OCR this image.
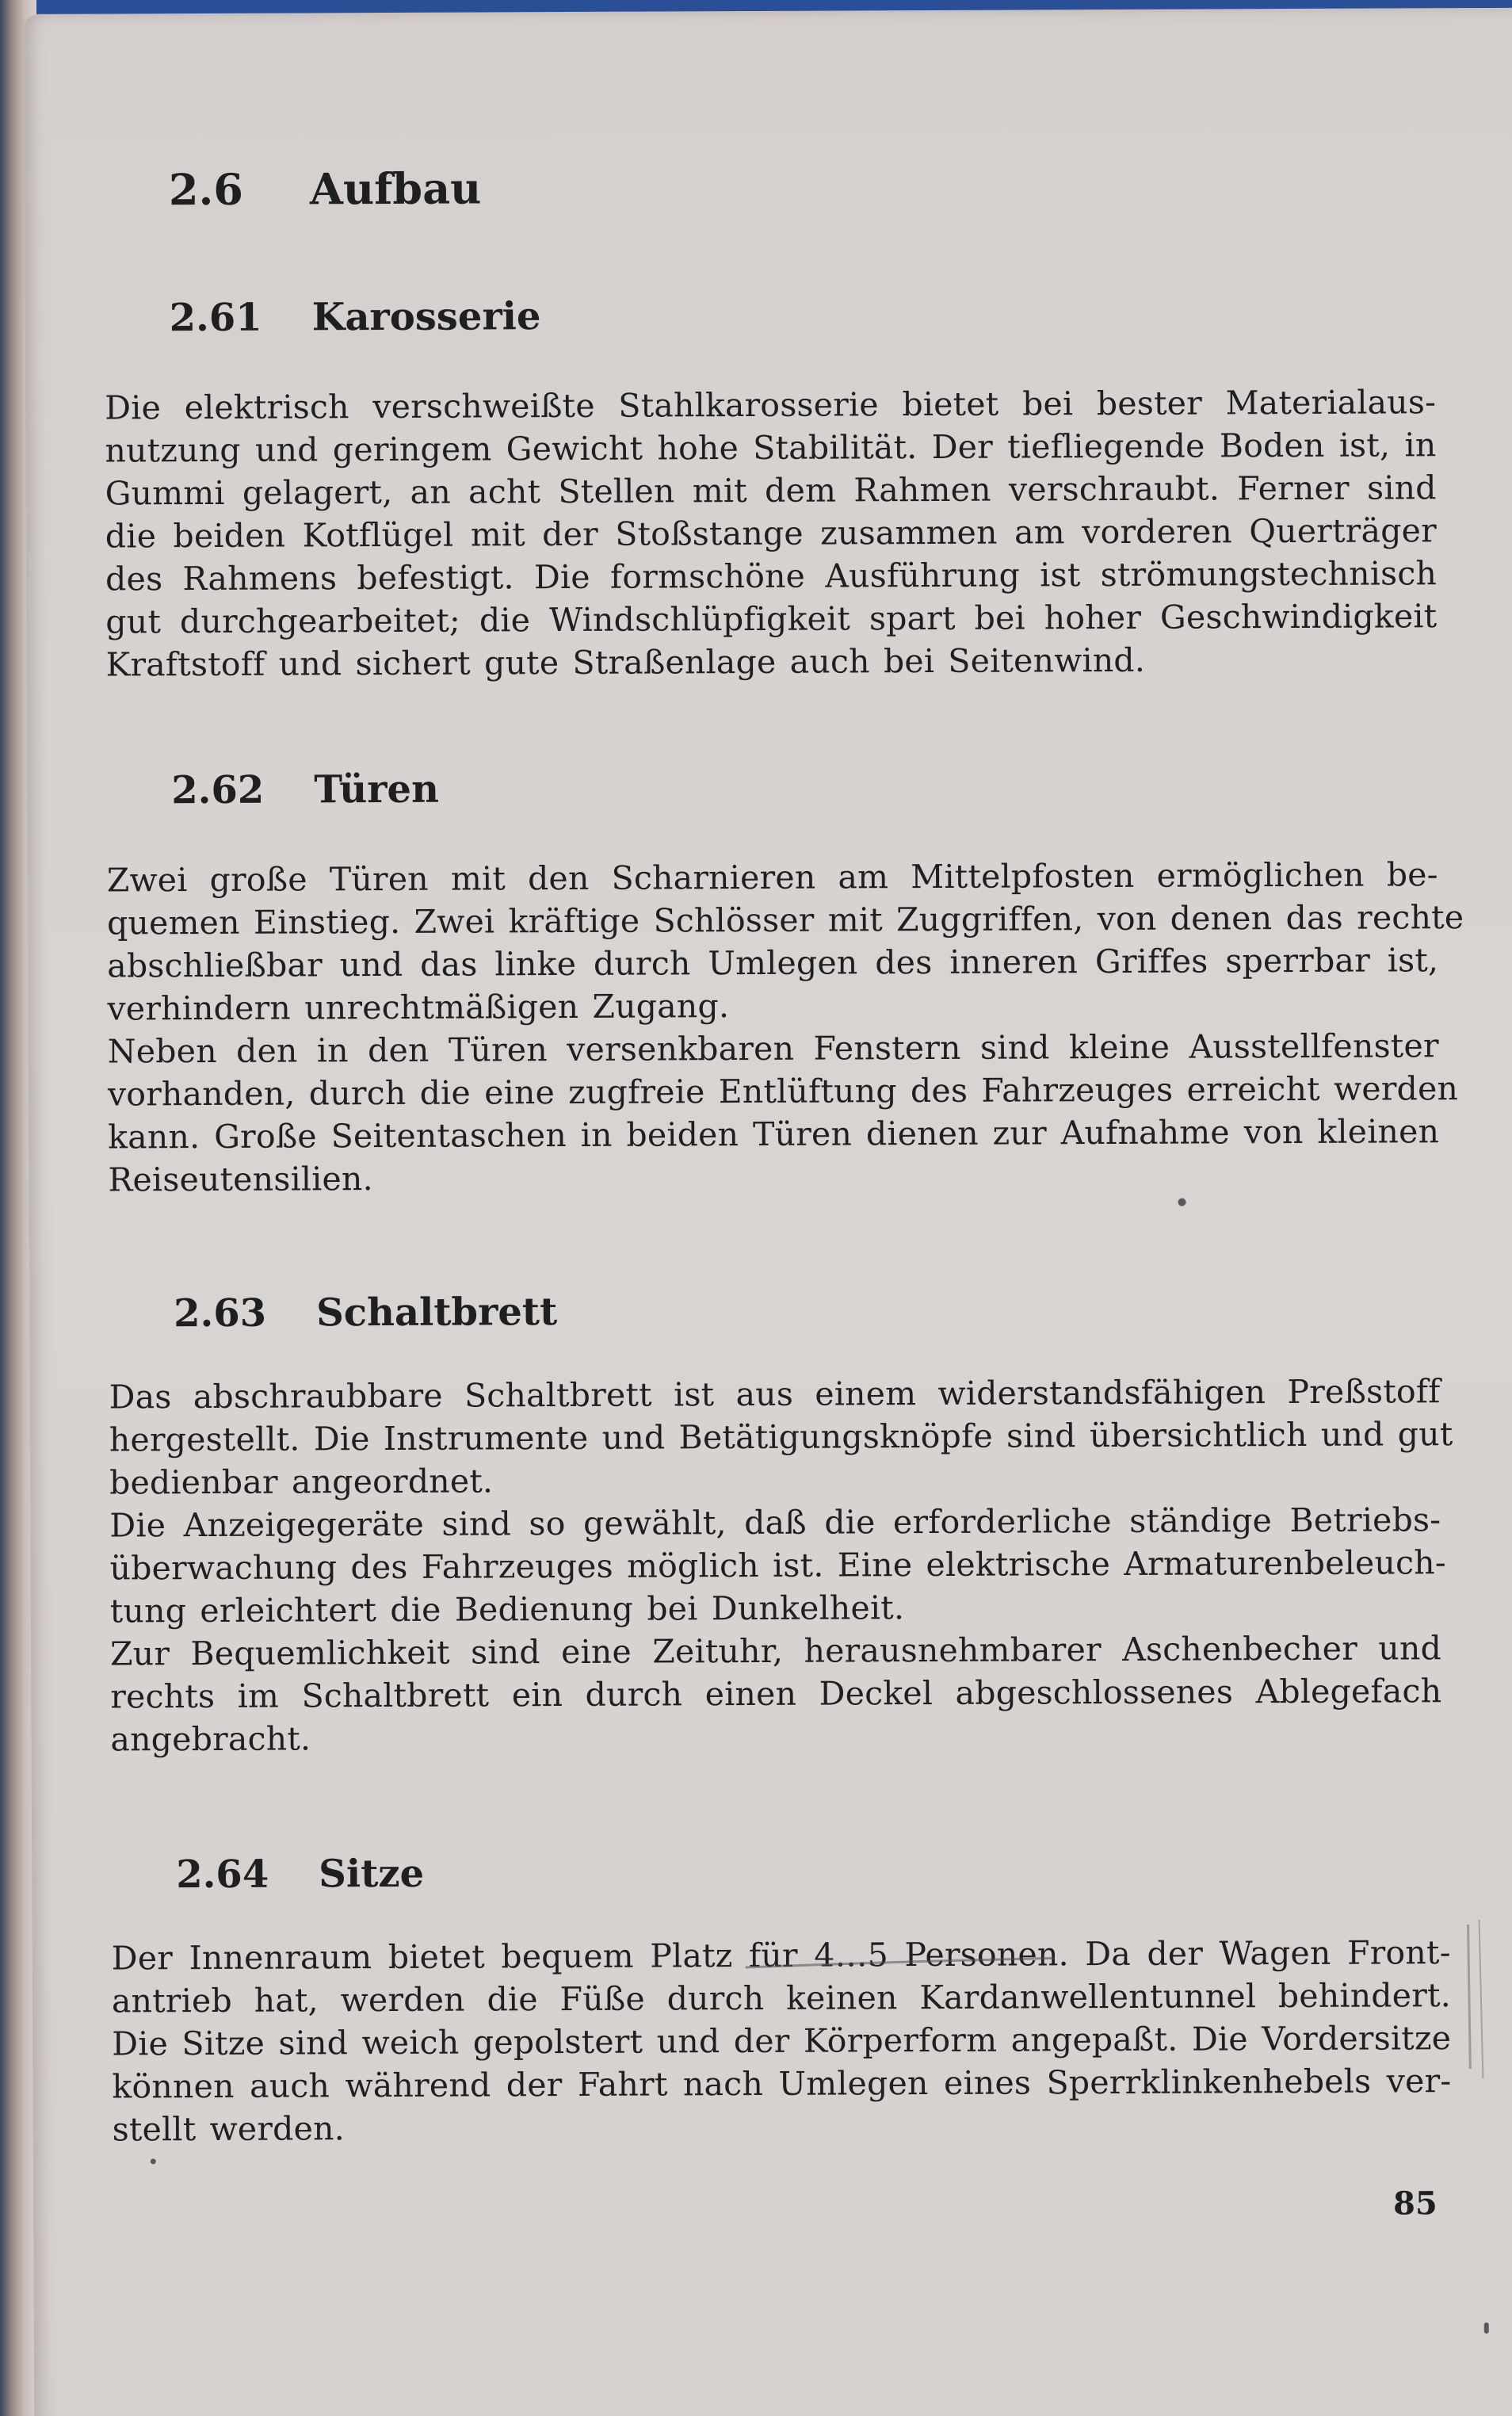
2.6 Aufbau
2.61 Karosserie
Die elektrisch verschweißte Stahlkarosserie bietet bei bester Materialaus-
nutzung und geringem Gewicht hohe Stabilität. Der tiefliegende Boden ist, in
Gummi gelagert, an acht Stellen mit dem Rahmen verschraubt. Ferner sind
die beiden Kotflügel mit der Stoßstange zusammen am vorderen Querträger
des Rahmens befestigt. Die formschöne Ausführung ist strömungstechnisch
gut durchgearbeitet; die Windschlüpfigkeit spart bei hoher Geschwindigkeit
Kraftstoff und sichert gute Straßenlage auch bei Seitenwind.
2.62 Türen
Zwei große Türen mit den Scharnieren am Mittelpfosten ermöglichen be-
quemen Einstieg. Zwei kräftige Schlösser mit Zuggriffen, von denen das rechte
abschließbar und das linke durch Umlegen des inneren Griffes sperrbar ist,
verhindern unrechtmäßigen Zugang.
Neben den in den Türen versenkbaren Fenstern sind kleine Ausstellfenster
vorhanden, durch die eine zugfreie Entlüftung des Fahrzeuges erreicht werden
kann. Große Seitentaschen in beiden Türen dienen zur Aufnahme von kleinen
Reiseutensilien.
2.63 Schaltbrett
Das abschraubbare Schaltbrett ist aus einem widerstandsfähigen Preßstoff
hergestellt. Die Instrumente und Betätigungsknöpfe sind übersichtlich und gut
bedienbar angeordnet.
Die Anzeigegeräte sind so gewählt, daß die erforderliche ständige Betriebs-
überwachung des Fahrzeuges möglich ist. Eine elektrische Armaturenbeleuch-
tung erleichtert die Bedienung bei Dunkelheit.
Zur Bequemlichkeit sind eine Zeituhr, herausnehmbarer Aschenbecher und
rechts im Schaltbrett ein durch einen Deckel abgeschlossenes Ablegefach
angebracht.
2.64 Sitze
Der Innenraum bietet bequem Platz für 4…5 Personen. Da der Wagen Front-
antrieb hat, werden die Füße durch keinen Kardanwellentunnel behindert.
Die Sitze sind weich gepolstert und der Körperform angepaßt. Die Vordersitze
können auch während der Fahrt nach Umlegen eines Sperrklinkenhebels ver-
stellt werden.
85
